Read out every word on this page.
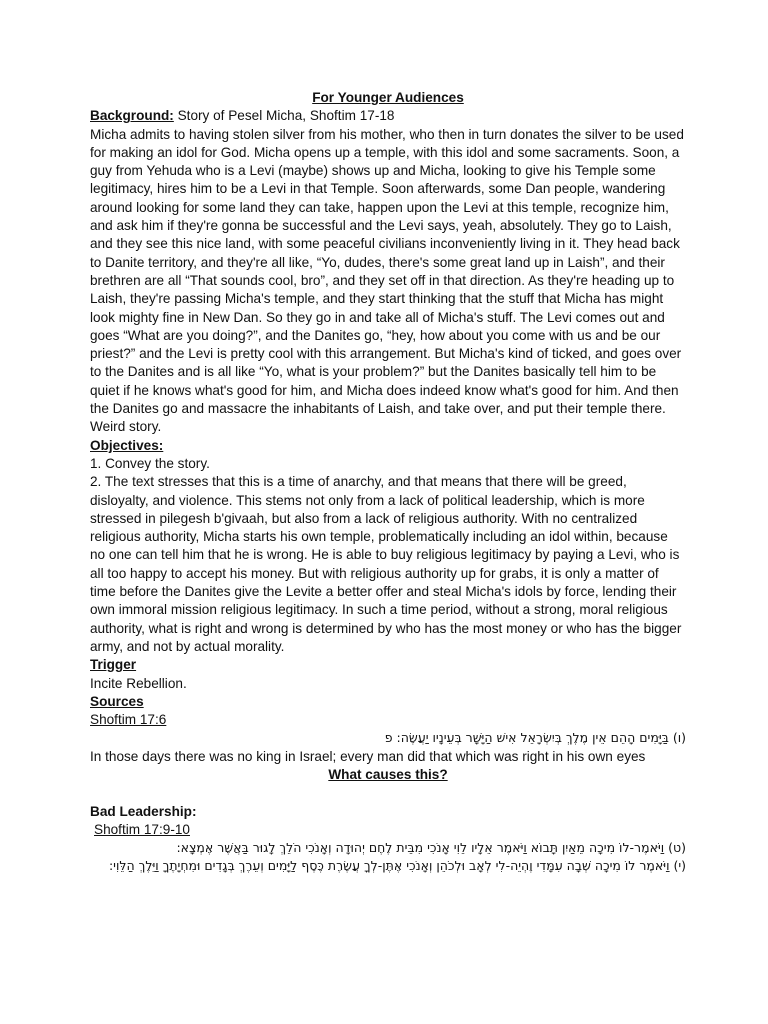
For Younger Audiences

Background: Story of Pesel Micha, Shoftim 17-18

Micha admits to having stolen silver from his mother, who then in turn donates the silver to be used for making an idol for God. Micha opens up a temple, with this idol and some sacraments. Soon, a guy from Yehuda who is a Levi (maybe) shows up and Micha, looking to give his Temple some legitimacy, hires him to be a Levi in that Temple. Soon afterwards, some Dan people, wandering around looking for some land they can take, happen upon the Levi at this temple, recognize him, and ask him if they're gonna be successful and the Levi says, yeah, absolutely. They go to Laish, and they see this nice land, with some peaceful civilians inconveniently living in it. They head back to Danite territory, and they're all like, “Yo, dudes, there's some great land up in Laish”, and their brethren are all “That sounds cool, bro”, and they set off in that direction. As they're heading up to Laish, they're passing Micha's temple, and they start thinking that the stuff that Micha has might look mighty fine in New Dan. So they go in and take all of Micha's stuff. The Levi comes out and goes “What are you doing?”, and the Danites go, “hey, how about you come with us and be our priest?” and the Levi is pretty cool with this arrangement. But Micha's kind of ticked, and goes over to the Danites and is all like “Yo, what is your problem?” but the Danites basically tell him to be quiet if he knows what's good for him, and Micha does indeed know what's good for him. And then the Danites go and massacre the inhabitants of Laish, and take over, and put their temple there. Weird story.

Objectives:

1. Convey the story.

2. The text stresses that this is a time of anarchy, and that means that there will be greed, disloyalty, and violence. This stems not only from a lack of political leadership, which is more stressed in pilegesh b'givaah, but also from a lack of religious authority. With no centralized religious authority, Micha starts his own temple, problematically including an idol within, because no one can tell him that he is wrong. He is able to buy religious legitimacy by paying a Levi, who is all too happy to accept his money. But with religious authority up for grabs, it is only a matter of time before the Danites give the Levite a better offer and steal Micha's idols by force, lending their own immoral mission religious legitimacy. In such a time period, without a strong, moral religious authority, what is right and wrong is determined by who has the most money or who has the bigger army, and not by actual morality.

Trigger

Incite Rebellion.

Sources

Shoftim 17:6

(ו) בַּיָּמִים הָהֵם אֵין מֶלֶךְ בְּיִשְׂרָאֵל אִישׁ הַיָּשָׁר בְּעֵינָיו יַעֲשֶׂה: פ

In those days there was no king in Israel; every man did that which was right in his own eyes

What causes this?

Bad Leadership:

Shoftim 17:9-10

(ט) וַיֹּאמֶר-לוֹ מִיכָה מֵאַיִן תָּבוֹא וַיֹּאמֶר אֵלָיו לֵוִי אָנֹכִי מִבֵּית לֶחֶם יְהוּדָה וְאָנֹכִי הֹלֵךְ לָגוּר בַּאֲשֶׁר אֶמְצָא:

(י) וַיֹּאמֶר לוֹ מִיכָה שְׁבָה עִמָּדִי וֶהְיֵה-לִי לְאָב וּלְכֹהֵן וְאָנֹכִי אֶתֶּן-לְךָ עֲשֶׂרֶת כֶּסֶף לַיָּמִים וְעֵרֶךְ בְּגָדִים וּמִחְיָתֶךָ וַיֵּלֶךְ הַלֵּוִי:
